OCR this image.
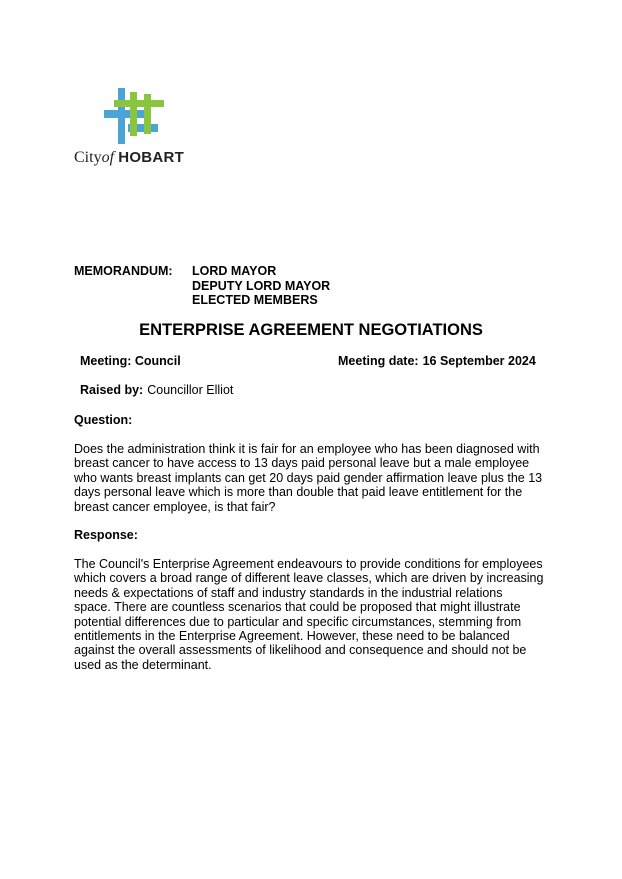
Cityof HOBART
MEMORANDUM: LORD MAYOR
DEPUTY LORD MAYOR
ELECTED MEMBERS
ENTERPRISE AGREEMENT NEGOTIATIONS
Meeting: Council	Meeting date: 16 September 2024
Raised by: Councillor Elliot
Question:
Does the administration think it is fair for an employee who has been diagnosed with
breast cancer to have access to 13 days paid personal leave but a male employee
who wants breast implants can get 20 days paid gender affirmation leave plus the 13
days personal leave which is more than double that paid leave entitlement for the
breast cancer employee, is that fair?
Response:
The Council's Enterprise Agreement endeavours to provide conditions for employees
which covers a broad range of different leave classes, which are driven by increasing
needs & expectations of staff and industry standards in the industrial relations
space. There are countless scenarios that could be proposed that might illustrate
potential differences due to particular and specific circumstances, stemming from
entitlements in the Enterprise Agreement. However, these need to be balanced
against the overall assessments of likelihood and consequence and should not be
used as the determinant.
